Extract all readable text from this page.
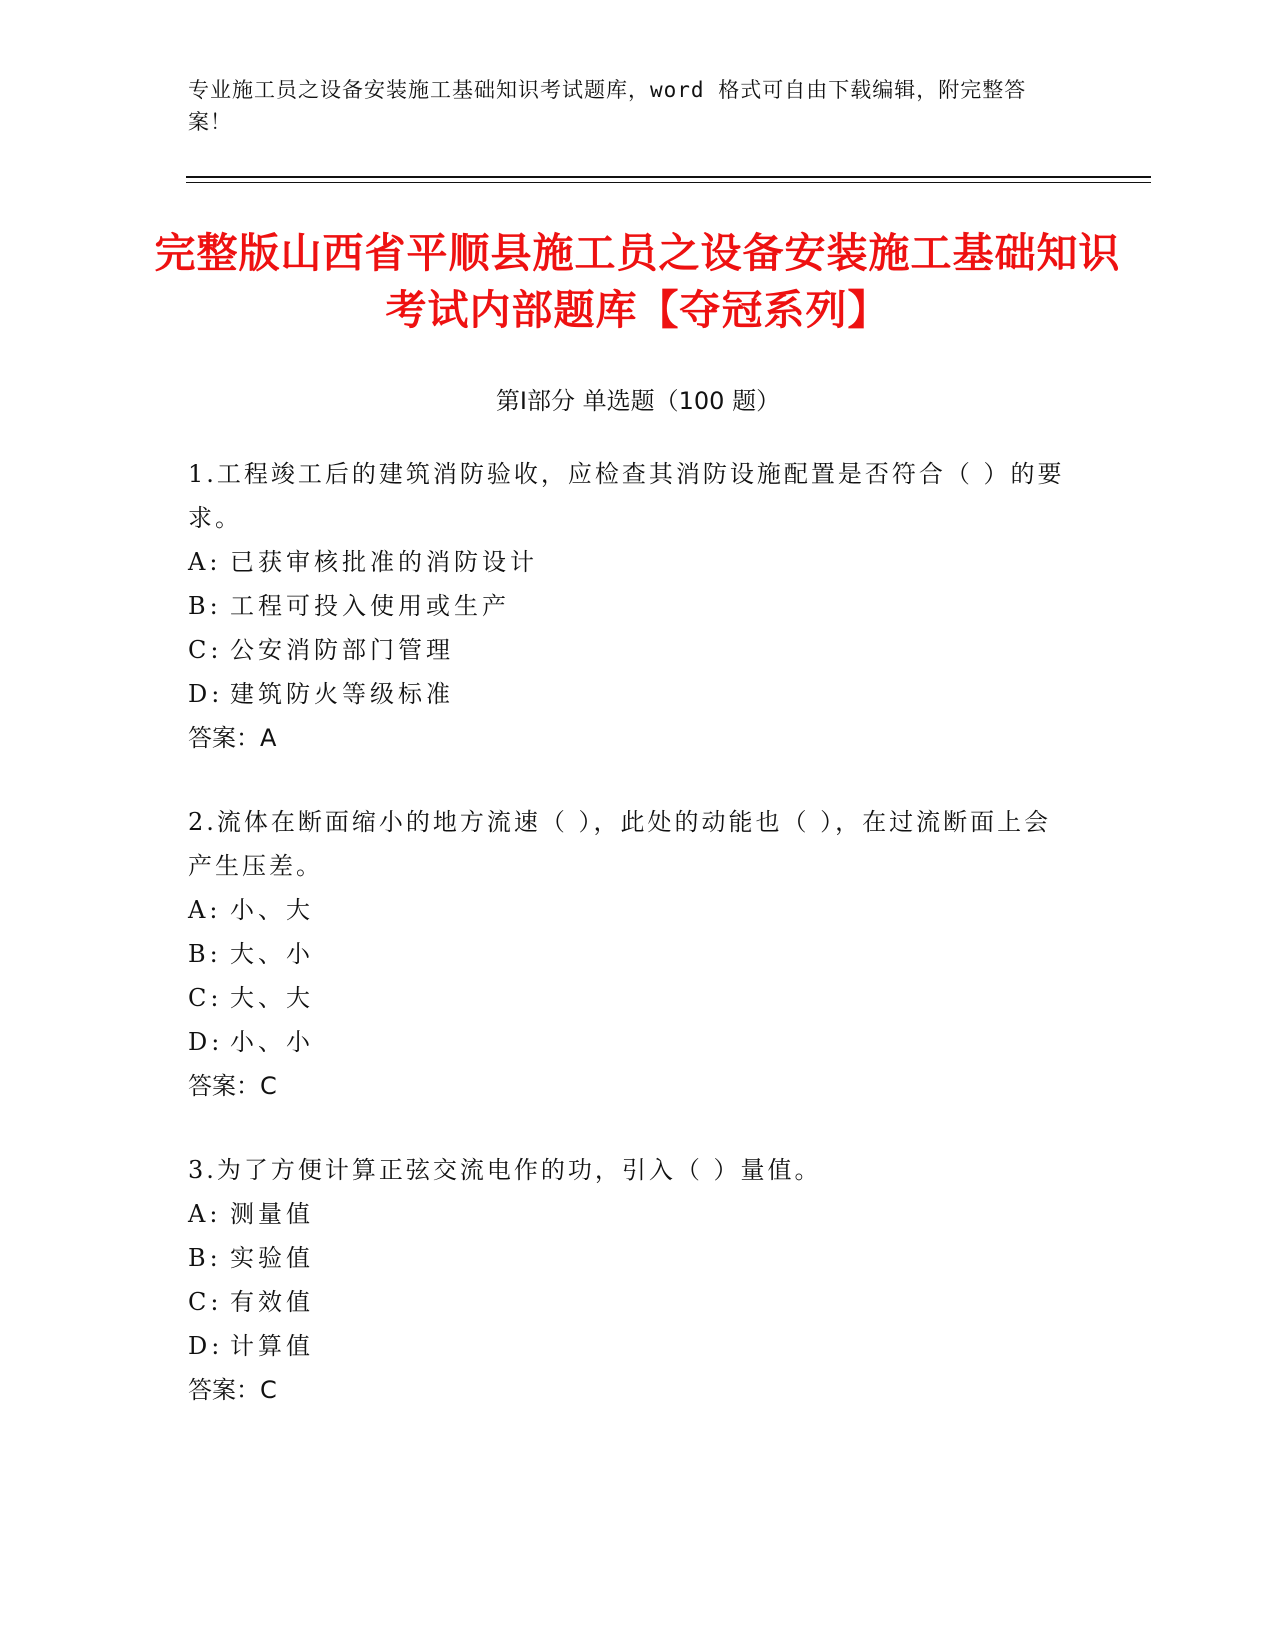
专业施工员之设备安装施工基础知识考试题库，word 格式可自由下载编辑，附完整答案！
完整版山西省平顺县施工员之设备安装施工基础知识考试内部题库【夺冠系列】
第Ⅰ部分 单选题（100 题）

1.工程竣工后的建筑消防验收，应检查其消防设施配置是否符合（ ）的要求。

A: 已获审核批准的消防设计

B: 工程可投入使用或生产

C: 公安消防部门管理

D: 建筑防火等级标准

答案：A

2.流体在断面缩小的地方流速（ ），此处的动能也（ ），在过流断面上会产生压差。

A: 小、大

B: 大、小

C: 大、大

D: 小、小

答案：C

3.为了方便计算正弦交流电作的功，引入（ ）量值。

A: 测量值

B: 实验值

C: 有效值

D: 计算值

答案：C
